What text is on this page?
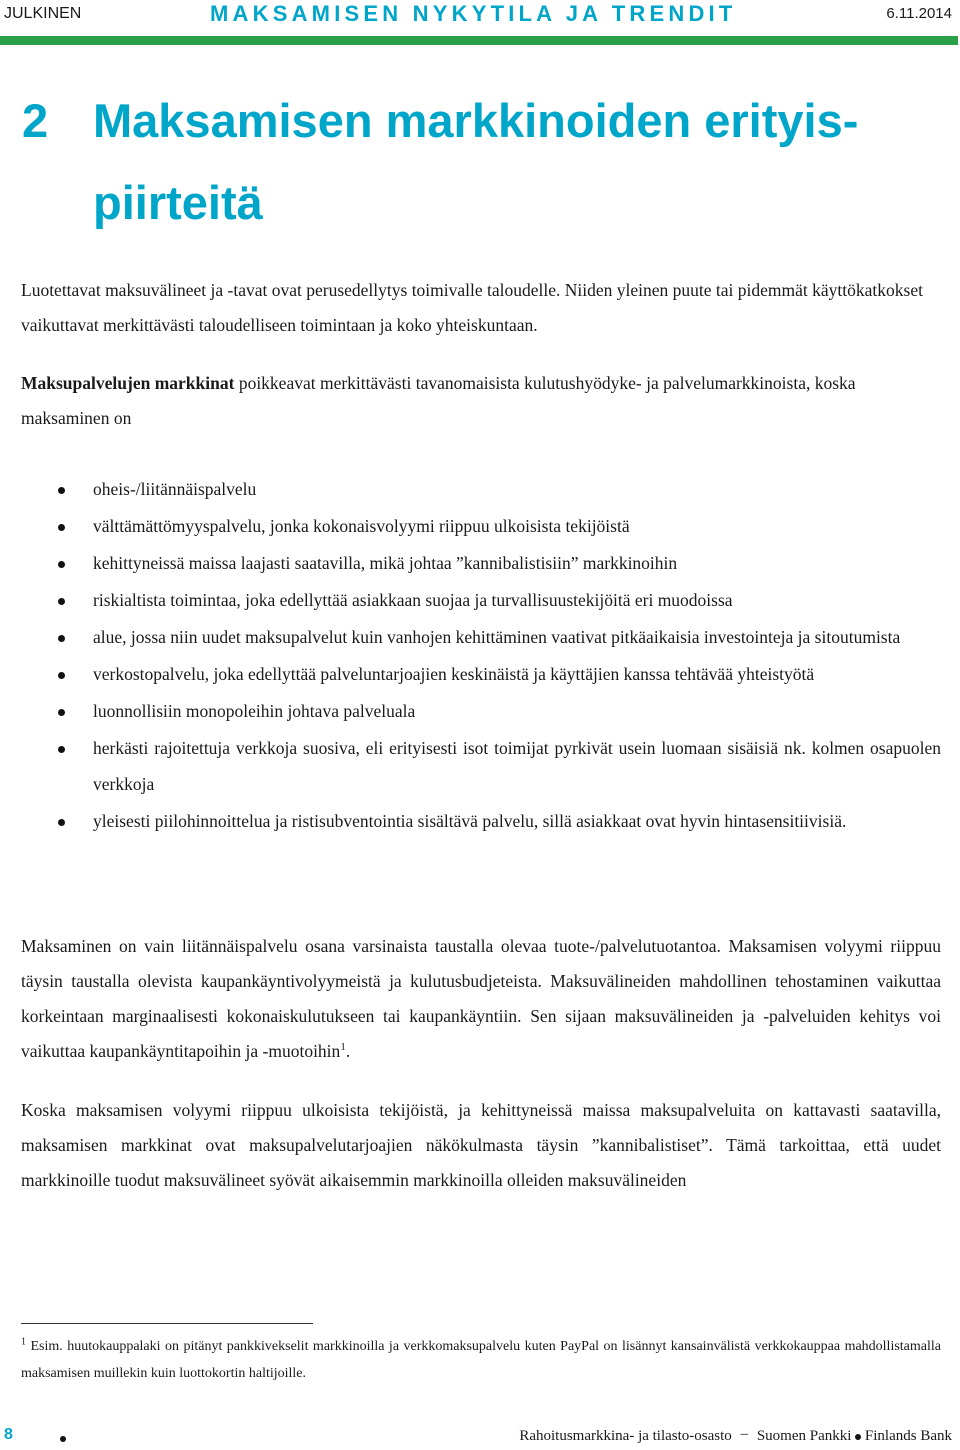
JULKINEN	MAKSAMISEN NYKYTILA JA TRENDIT	6.11.2014
2 Maksamisen markkinoiden erityis-piirteitä

Luotettavat maksuvälineet ja -tavat ovat perusedellytys toimivalle taloudelle. Niiden yleinen puute tai pidemmät käyttökatkokset vaikuttavat merkittävästi taloudelliseen toimintaan ja koko yhteiskuntaan.

Maksupalvelujen markkinat poikkeavat merkittävästi tavanomaisista kulutushyödyke- ja palvelumarkkinoista, koska maksaminen on

oheis-/liitännäispalvelu
välttämättömyyspalvelu, jonka kokonaisvolyymi riippuu ulkoisista tekijöistä
kehittyneissä maissa laajasti saatavilla, mikä johtaa ”kannibalistisiin” markkinoihin
riskialtista toimintaa, joka edellyttää asiakkaan suojaa ja turvallisuustekijöitä eri muodoissa
alue, jossa niin uudet maksupalvelut kuin vanhojen kehittäminen vaativat pitkäaikaisia investointeja ja sitoutumista
verkostopalvelu, joka edellyttää palveluntarjoajien keskinäistä ja käyttäjien kanssa tehtävää yhteistyötä
luonnollisiin monopoleihin johtava palveluala
herkästi rajoitettuja verkkoja suosiva, eli erityisesti isot toimijat pyrkivät usein luomaan sisäisiä nk. kolmen osapuolen verkkoja
yleisesti piilohinnoittelua ja ristisubventointia sisältävä palvelu, sillä asiakkaat ovat hyvin hintasensitiivisiä.

Maksaminen on vain liitännäispalvelu osana varsinaista taustalla olevaa tuote-/palvelutuotantoa. Maksamisen volyymi riippuu täysin taustalla olevista kaupankäyntivolyymeistä ja kulutusbudjeteista. Maksuvälineiden mahdollinen tehostaminen vaikuttaa korkeintaan marginaalisesti kokonaiskulutukseen tai kaupankäyntiin. Sen sijaan maksuvälineiden ja -palveluiden kehitys voi vaikuttaa kaupankäyntitapoihin ja -muotoihin$^1$.

Koska maksamisen volyymi riippuu ulkoisista tekijöistä, ja kehittyneissä maissa maksupalveluita on kattavasti saatavilla, maksamisen markkinat ovat maksupalvelutarjoajien näkökulmasta täysin ”kannibalistiset”. Tämä tarkoittaa, että uudet markkinoille tuodut maksuvälineet syövät aikaisemmin markkinoilla olleiden maksuvälineiden

$^1$ Esim. huutokauppalaki on pitänyt pankkivekselit markkinoilla ja verkkomaksupalvelu kuten PayPal on lisännyt kansainvälistä verkkokauppaa mahdollistamalla maksamisen muillekin kuin luottokortin haltijoille.

8	Rahoitusmarkkina- ja tilasto-osasto – Suomen Pankki Finlands Bank
